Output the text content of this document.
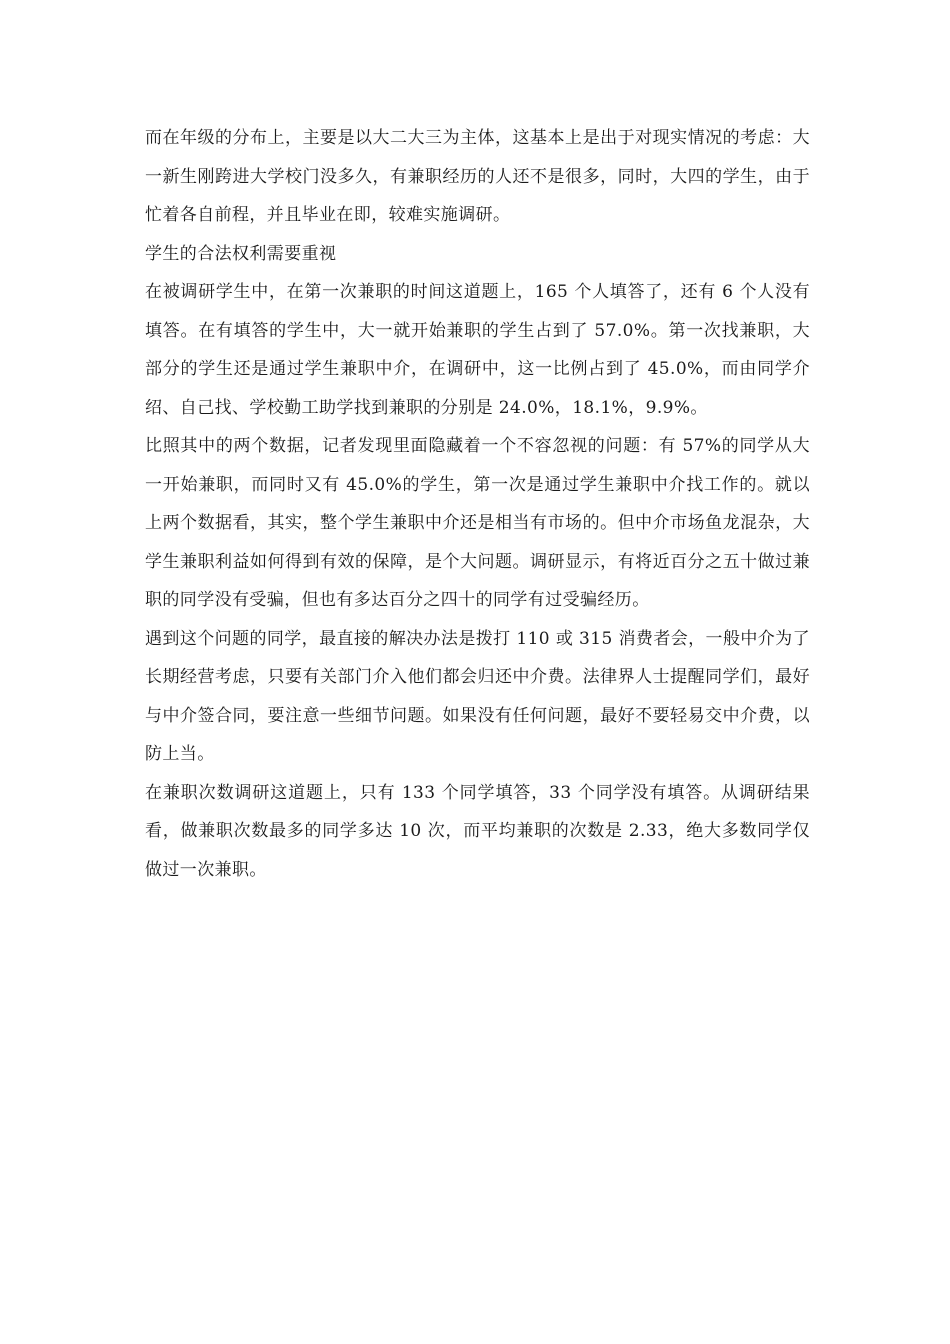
而在年级的分布上，主要是以大二大三为主体，这基本上是出于对现实情况的考虑：大一新生刚跨进大学校门没多久，有兼职经历的人还不是很多，同时，大四的学生，由于忙着各自前程，并且毕业在即，较难实施调研。

学生的合法权利需要重视

在被调研学生中，在第一次兼职的时间这道题上，165 个人填答了，还有 6 个人没有填答。在有填答的学生中，大一就开始兼职的学生占到了 57.0%。第一次找兼职，大部分的学生还是通过学生兼职中介，在调研中，这一比例占到了 45.0%，而由同学介绍、自己找、学校勤工助学找到兼职的分别是 24.0%，18.1%，9.9%。

比照其中的两个数据，记者发现里面隐藏着一个不容忽视的问题：有 57%的同学从大一开始兼职，而同时又有 45.0%的学生，第一次是通过学生兼职中介找工作的。就以上两个数据看，其实，整个学生兼职中介还是相当有市场的。但中介市场鱼龙混杂，大学生兼职利益如何得到有效的保障，是个大问题。调研显示，有将近百分之五十做过兼职的同学没有受骗，但也有多达百分之四十的同学有过受骗经历。

遇到这个问题的同学，最直接的解决办法是拨打 110 或 315 消费者会，一般中介为了长期经营考虑，只要有关部门介入他们都会归还中介费。法律界人士提醒同学们，最好与中介签合同，要注意一些细节问题。如果没有任何问题，最好不要轻易交中介费，以防上当。

在兼职次数调研这道题上，只有 133 个同学填答，33 个同学没有填答。从调研结果看，做兼职次数最多的同学多达 10 次，而平均兼职的次数是 2.33，绝大多数同学仅做过一次兼职。
